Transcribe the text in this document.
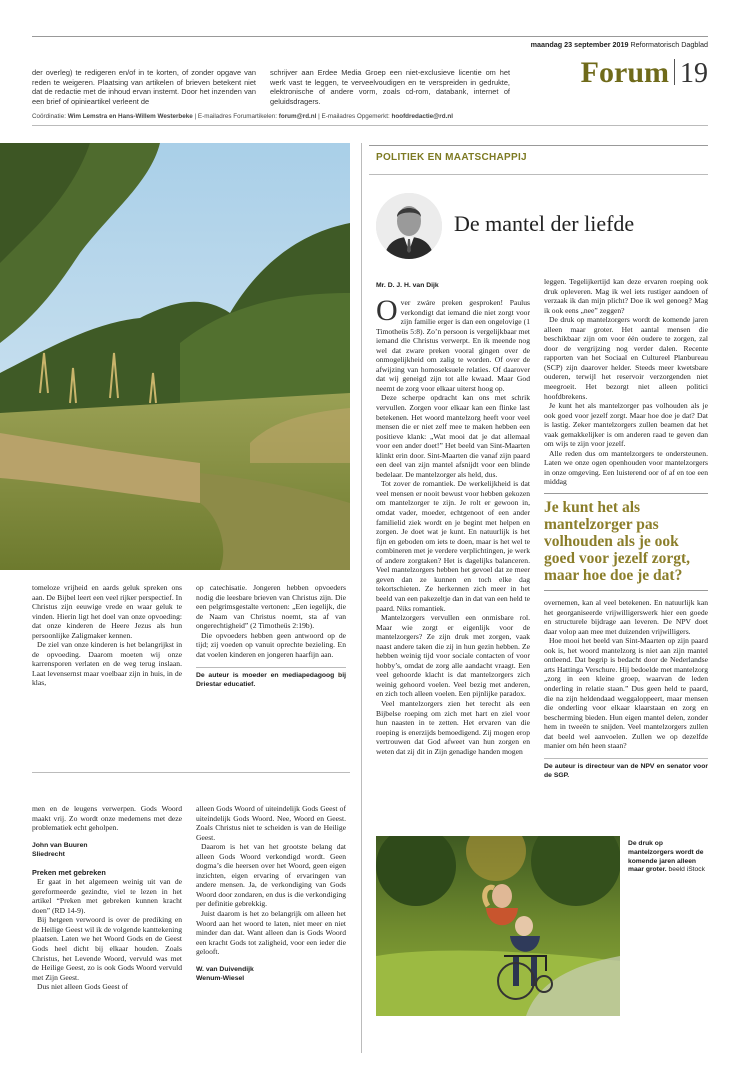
maandag 23 september 2019 Reformatorisch Dagblad
Forum 19
der overleg) te redigeren en/of in te korten, of zonder opgave van reden te weigeren. Plaatsing van artikelen of brieven betekent niet dat de redactie met de inhoud ervan instemt. Door het inzenden van een brief of opinieartikel verleent de
schrijver aan Erdee Media Groep een niet-exclusieve licentie om het werk vast te leggen, te verveelvoudigen en te verspreiden in gedrukte, elektronische of andere vorm, zoals cd-rom, databank, internet of geluidsdragers.
Coördinatie: Wim Lemstra en Hans-Willem Westerbeke | E-mailadres Forumartikelen: forum@rd.nl | E-mailadres Opgemerkt: hoofdredactie@rd.nl

tomeloze vrijheid en aards geluk spreken ons aan. De Bijbel leert een veel rijker perspectief. In Christus zijn eeuwige vrede en waar geluk te vinden. Hierin ligt het doel van onze opvoeding: dat onze kinderen de Heere Jezus als hun persoonlijke Zaligmaker kennen.

De ziel van onze kinderen is het belangrijkst in de opvoeding. Daarom moeten wij onze karrensporen verlaten en de weg terug inslaan. Laat levensernst maar voelbaar zijn in huis, in de klas,

op catechisatie. Jongeren hebben opvoeders nodig die leesbare brieven van Christus zijn. Die een pelgrimsgestalte vertonen: „Een iegelijk, die de Naam van Christus noemt, sta af van ongerechtigheid” (2 Timotheüs 2:19b).

Die opvoeders hebben geen antwoord op de tijd; zij voeden op vanuit oprechte bezieling. En dat voelen kinderen en jongeren haarfijn aan.

De auteur is moeder en mediapedagoog bij Driestar educatief.

men en de leugens verwerpen. Gods Woord maakt vrij. Zo wordt onze medemens met deze problematiek echt geholpen.

John van Buuren
Sliedrecht

Preken met gebreken

Er gaat in het algemeen weinig uit van de gereformeerde gezindte, viel te lezen in het artikel “Preken met gebreken kunnen kracht doen” (RD 14-9).

Bij hetgeen verwoord is over de prediking en de Heilige Geest wil ik de volgende kanttekening plaatsen. Laten we het Woord Gods en de Geest Gods heel dicht bij elkaar houden. Zoals Christus, het Levende Woord, vervuld was met de Heilige Geest, zo is ook Gods Woord vervuld met Zijn Geest.

Dus niet alleen Gods Geest of

alleen Gods Woord of uiteindelijk Gods Geest of uiteindelijk Gods Woord. Nee, Woord en Geest. Zoals Christus niet te scheiden is van de Heilige Geest.

Daarom is het van het grootste belang dat alleen Gods Woord verkondigd wordt. Geen dogma’s die heersen over het Woord, geen eigen inzichten, eigen ervaring of ervaringen van andere mensen. Ja, de verkondiging van Gods Woord door zondaren, en dus is die verkondiging per definitie gebrekkig.

Juist daarom is het zo belangrijk om alleen het Woord aan het woord te laten, niet meer en niet minder dan dat. Want alleen dan is Gods Woord een kracht Gods tot zaligheid, voor een ieder die gelooft.

W. van Duivendijk
Wenum-Wiesel
POLITIEK EN MAATSCHAPPIJ
De mantel der liefde
Mr. D. J. H. van Dijk

Over zwáre preken gesproken! Paulus verkondigt dat iemand die niet zorgt voor zijn familie erger is dan een ongelovige (1 Timotheüs 5:8). Zo’n persoon is vergelijkbaar met iemand die Christus verwerpt. En ik meende nog wel dat zware preken vooral gingen over de onmogelijkheid om zalig te worden. Of over de afwijzing van homoseksuele relaties. Of daarover dat wij geneigd zijn tot alle kwaad. Maar God neemt de zorg voor elkaar uiterst hoog op.

Deze scherpe opdracht kan ons met schrik vervullen. Zorgen voor elkaar kan een flinke last betekenen. Het woord mantelzorg heeft voor veel mensen die er niet zelf mee te maken hebben een positieve klank: „Wat mooi dat je dat allemaal voor een ander doet!” Het beeld van Sint-Maarten klinkt erin door. Sint-Maarten die vanaf zijn paard een deel van zijn mantel afsnijdt voor een blinde bedelaar. De mantelzorger als held, dus.

Tot zover de romantiek. De werkelijkheid is dat veel mensen er nooit bewust voor hebben gekozen om mantelzorger te zijn. Je rolt er gewoon in, omdat vader, moeder, echtgenoot of een ander familielid ziek wordt en je begint met helpen en zorgen. Je doet wat je kunt. En natuurlijk is het fijn en geboden om iets te doen, maar is het wel te combineren met je verdere verplichtingen, je werk of andere zorgtaken? Het is dagelijks balanceren. Veel mantelzorgers hebben het gevoel dat ze meer geven dan ze kunnen en toch elke dag tekortschieten. Ze herkennen zich meer in het beeld van een pakezeltje dan in dat van een held te paard. Niks romantiek.

Mantelzorgers vervullen een onmisbare rol. Maar wie zorgt er eigenlijk voor de mantelzorgers? Ze zijn druk met zorgen, vaak naast andere taken die zij in hun gezin hebben. Ze hebben weinig tijd voor sociale contacten of voor hobby’s, omdat de zorg alle aandacht vraagt. Een veel gehoorde klacht is dat mantelzorgers zich weinig gehoord voelen. Veel bezig met anderen, en zich toch alleen voelen. Een pijnlijke paradox.

Veel mantelzorgers zien het terecht als een Bijbelse roeping om zich met hart en ziel voor hun naasten in te zetten. Het ervaren van die roeping is enerzijds bemoedigend. Zij mogen erop vertrouwen dat God afweet van hun zorgen en weten dat zij dit in Zijn genadige handen mogen

leggen. Tegelijkertijd kan deze ervaren roeping ook druk opleveren. Mag ik wel iets rustiger aandoen of verzaak ik dan mijn plicht? Doe ik wel genoeg? Mag ik ook eens „nee” zeggen?

De druk op mantelzorgers wordt de komende jaren alleen maar groter. Het aantal mensen die beschikbaar zijn om voor één oudere te zorgen, zal door de vergrijzing nog verder dalen. Recente rapporten van het Sociaal en Cultureel Planbureau (SCP) zijn daarover helder. Steeds meer kwetsbare ouderen, terwijl het reservoir verzorgenden niet meegroeit. Het bezorgt niet alleen politici hoofdbrekens.

Je kunt het als mantelzorger pas volhouden als je ook goed voor jezelf zorgt. Maar hoe doe je dat? Dat is lastig. Zeker mantelzorgers zullen beamen dat het vaak gemakkelijker is om anderen raad te geven dan om wijs te zijn voor jezelf.

Alle reden dus om mantelzorgers te ondersteunen. Laten we onze ogen openhouden voor mantelzorgers in onze omgeving. Een luisterend oor of af en toe een middag

Je kunt het als mantelzorger pas volhouden als je ook goed voor jezelf zorgt, maar hoe doe je dat?

overnemen, kan al veel betekenen. En natuurlijk kan het georganiseerde vrijwilligerswerk hier een goede en structurele bijdrage aan leveren. De NPV doet daar volop aan mee met duizenden vrijwilligers.

Hoe mooi het beeld van Sint-Maarten op zijn paard ook is, het woord mantelzorg is niet aan zijn mantel ontleend. Dat begrip is bedacht door de Nederlandse arts Hattinga Verschure. Hij bedoelde met mantelzorg „zorg in een kleine groep, waarvan de leden onderling in relatie staan.” Dus geen held te paard, die na zijn heldendaad weggaloppeert, maar mensen die onderling voor elkaar klaarstaan en zorg en bescherming bieden. Hun eigen mantel delen, zonder hem in tweeën te snijden. Veel mantelzorgers zullen dat beeld wel aanvoelen. Zullen we op dezelfde manier om hén heen staan?

De auteur is directeur van de NPV en senator voor de SGP.
De druk op mantelzorgers wordt de komende jaren alleen maar groter. beeld iStock
